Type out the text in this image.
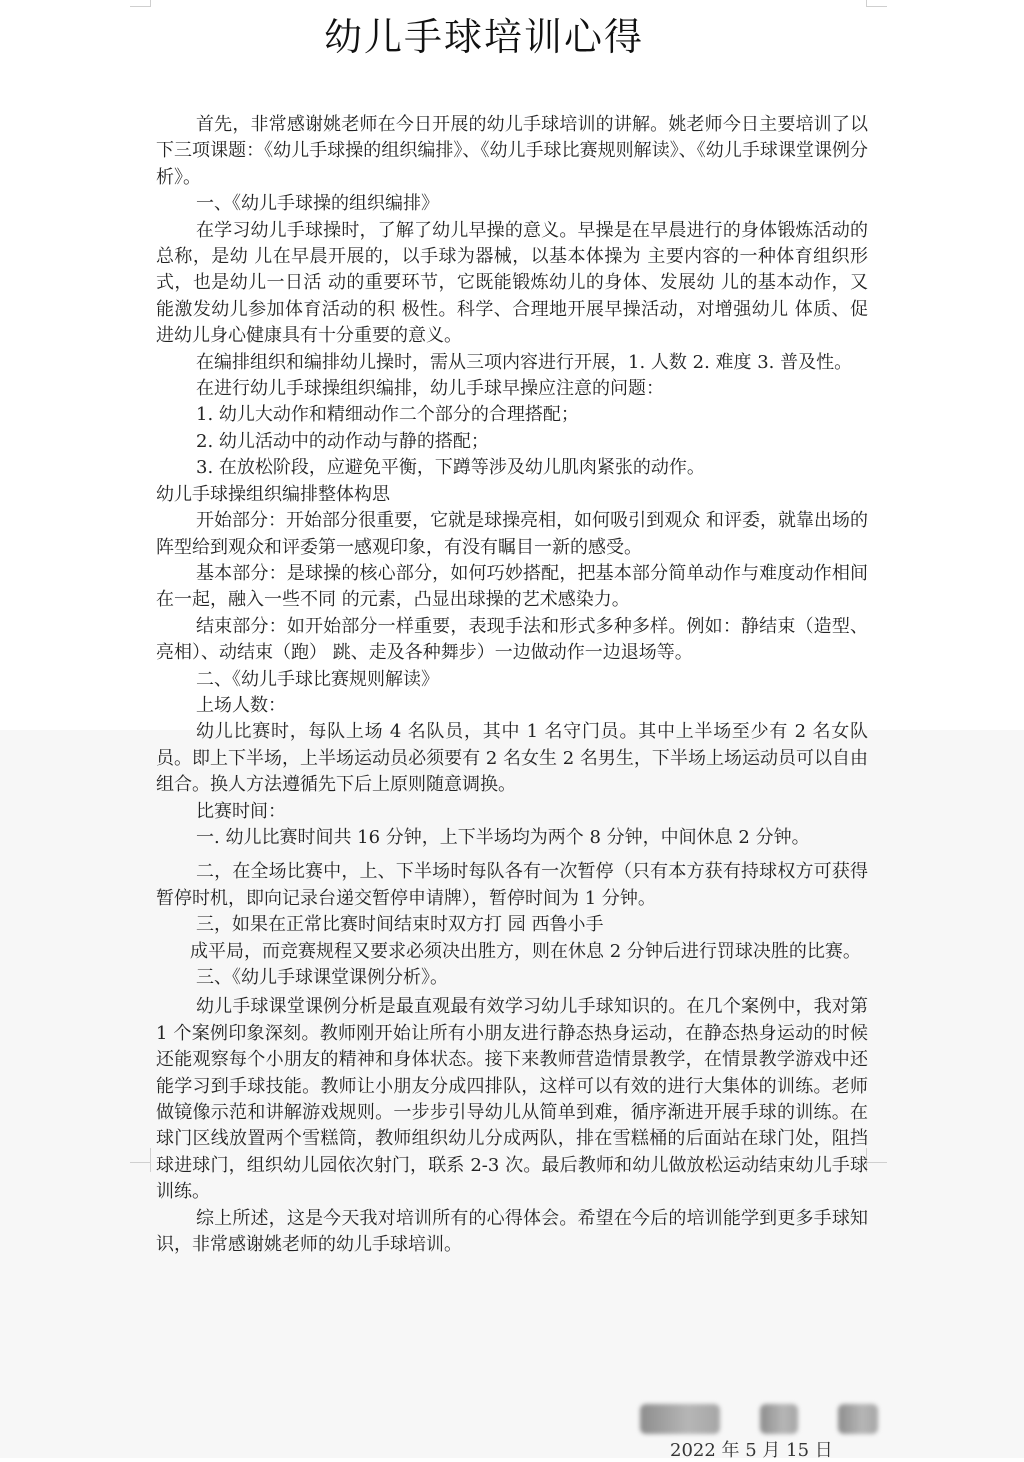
幼儿手球培训心得

首先，非常感谢姚老师在今日开展的幼儿手球培训的讲解。姚老师今日主要培训了以下三项课题：《幼儿手球操的组织编排》、《幼儿手球比赛规则解读》、《幼儿手球课堂课例分析》。

一、《幼儿手球操的组织编排》

在学习幼儿手球操时，了解了幼儿早操的意义。早操是在早晨进行的身体锻炼活动的总称，是幼 儿在早晨开展的，以手球为器械，以基本体操为 主要内容的一种体育组织形式，也是幼儿一日活 动的重要环节，它既能锻炼幼儿的身体、发展幼 儿的基本动作，又能激发幼儿参加体育活动的积 极性。科学、合理地开展早操活动，对增强幼儿 体质、促进幼儿身心健康具有十分重要的意义。

在编排组织和编排幼儿操时，需从三项内容进行开展，1. 人数 2. 难度 3. 普及性。

在进行幼儿手球操组织编排，幼儿手球早操应注意的问题：

1. 幼儿大动作和精细动作二个部分的合理搭配；

2. 幼儿活动中的动作动与静的搭配；

3. 在放松阶段，应避免平衡，下蹲等涉及幼儿肌肉紧张的动作。

幼儿手球操组织编排整体构思

开始部分：开始部分很重要，它就是球操亮相，如何吸引到观众 和评委，就靠出场的阵型给到观众和评委第一感观印象，有没有瞩目一新的感受。

基本部分：是球操的核心部分，如何巧妙搭配，把基本部分简单动作与难度动作相间在一起，融入一些不同 的元素，凸显出球操的艺术感染力。

结束部分：如开始部分一样重要，表现手法和形式多种多样。例如：静结束（造型、亮相）、动结束（跑） 跳、走及各种舞步）一边做动作一边退场等。

二、《幼儿手球比赛规则解读》

上场人数：

幼儿比赛时，每队上场 4 名队员，其中 1 名守门员。其中上半场至少有 2 名女队员。即上下半场，上半场运动员必须要有 2 名女生 2 名男生，下半场上场运动员可以自由组合。换人方法遵循先下后上原则随意调换。

比赛时间：

一. 幼儿比赛时间共 16 分钟，上下半场均为两个 8 分钟，中间休息 2 分钟。

二，在全场比赛中，上、下半场时每队各有一次暂停（只有本方获有持球权方可获得暂停时机，即向记录台递交暂停申请牌），暂停时间为 1 分钟。

三，如果在正常比赛时间结束时双方打 园 西鲁小手

成平局，而竞赛规程又要求必须决出胜方，则在休息 2 分钟后进行罚球决胜的比赛。

三、《幼儿手球课堂课例分析》。

幼儿手球课堂课例分析是最直观最有效学习幼儿手球知识的。在几个案例中，我对第 1 个案例印象深刻。教师刚开始让所有小朋友进行静态热身运动，在静态热身运动的时候还能观察每个小朋友的精神和身体状态。接下来教师营造情景教学，在情景教学游戏中还能学习到手球技能。教师让小朋友分成四排队，这样可以有效的进行大集体的训练。老师做镜像示范和讲解游戏规则。一步步引导幼儿从简单到难，循序渐进开展手球的训练。在球门区线放置两个雪糕筒，教师组织幼儿分成两队，排在雪糕桶的后面站在球门处，阻挡球进球门，组织幼儿园依次射门，联系 2-3 次。最后教师和幼儿做放松运动结束幼儿手球训练。

综上所述，这是今天我对培训所有的心得体会。希望在今后的培训能学到更多手球知识，非常感谢姚老师的幼儿手球培训。

2022 年 5 月 15 日
